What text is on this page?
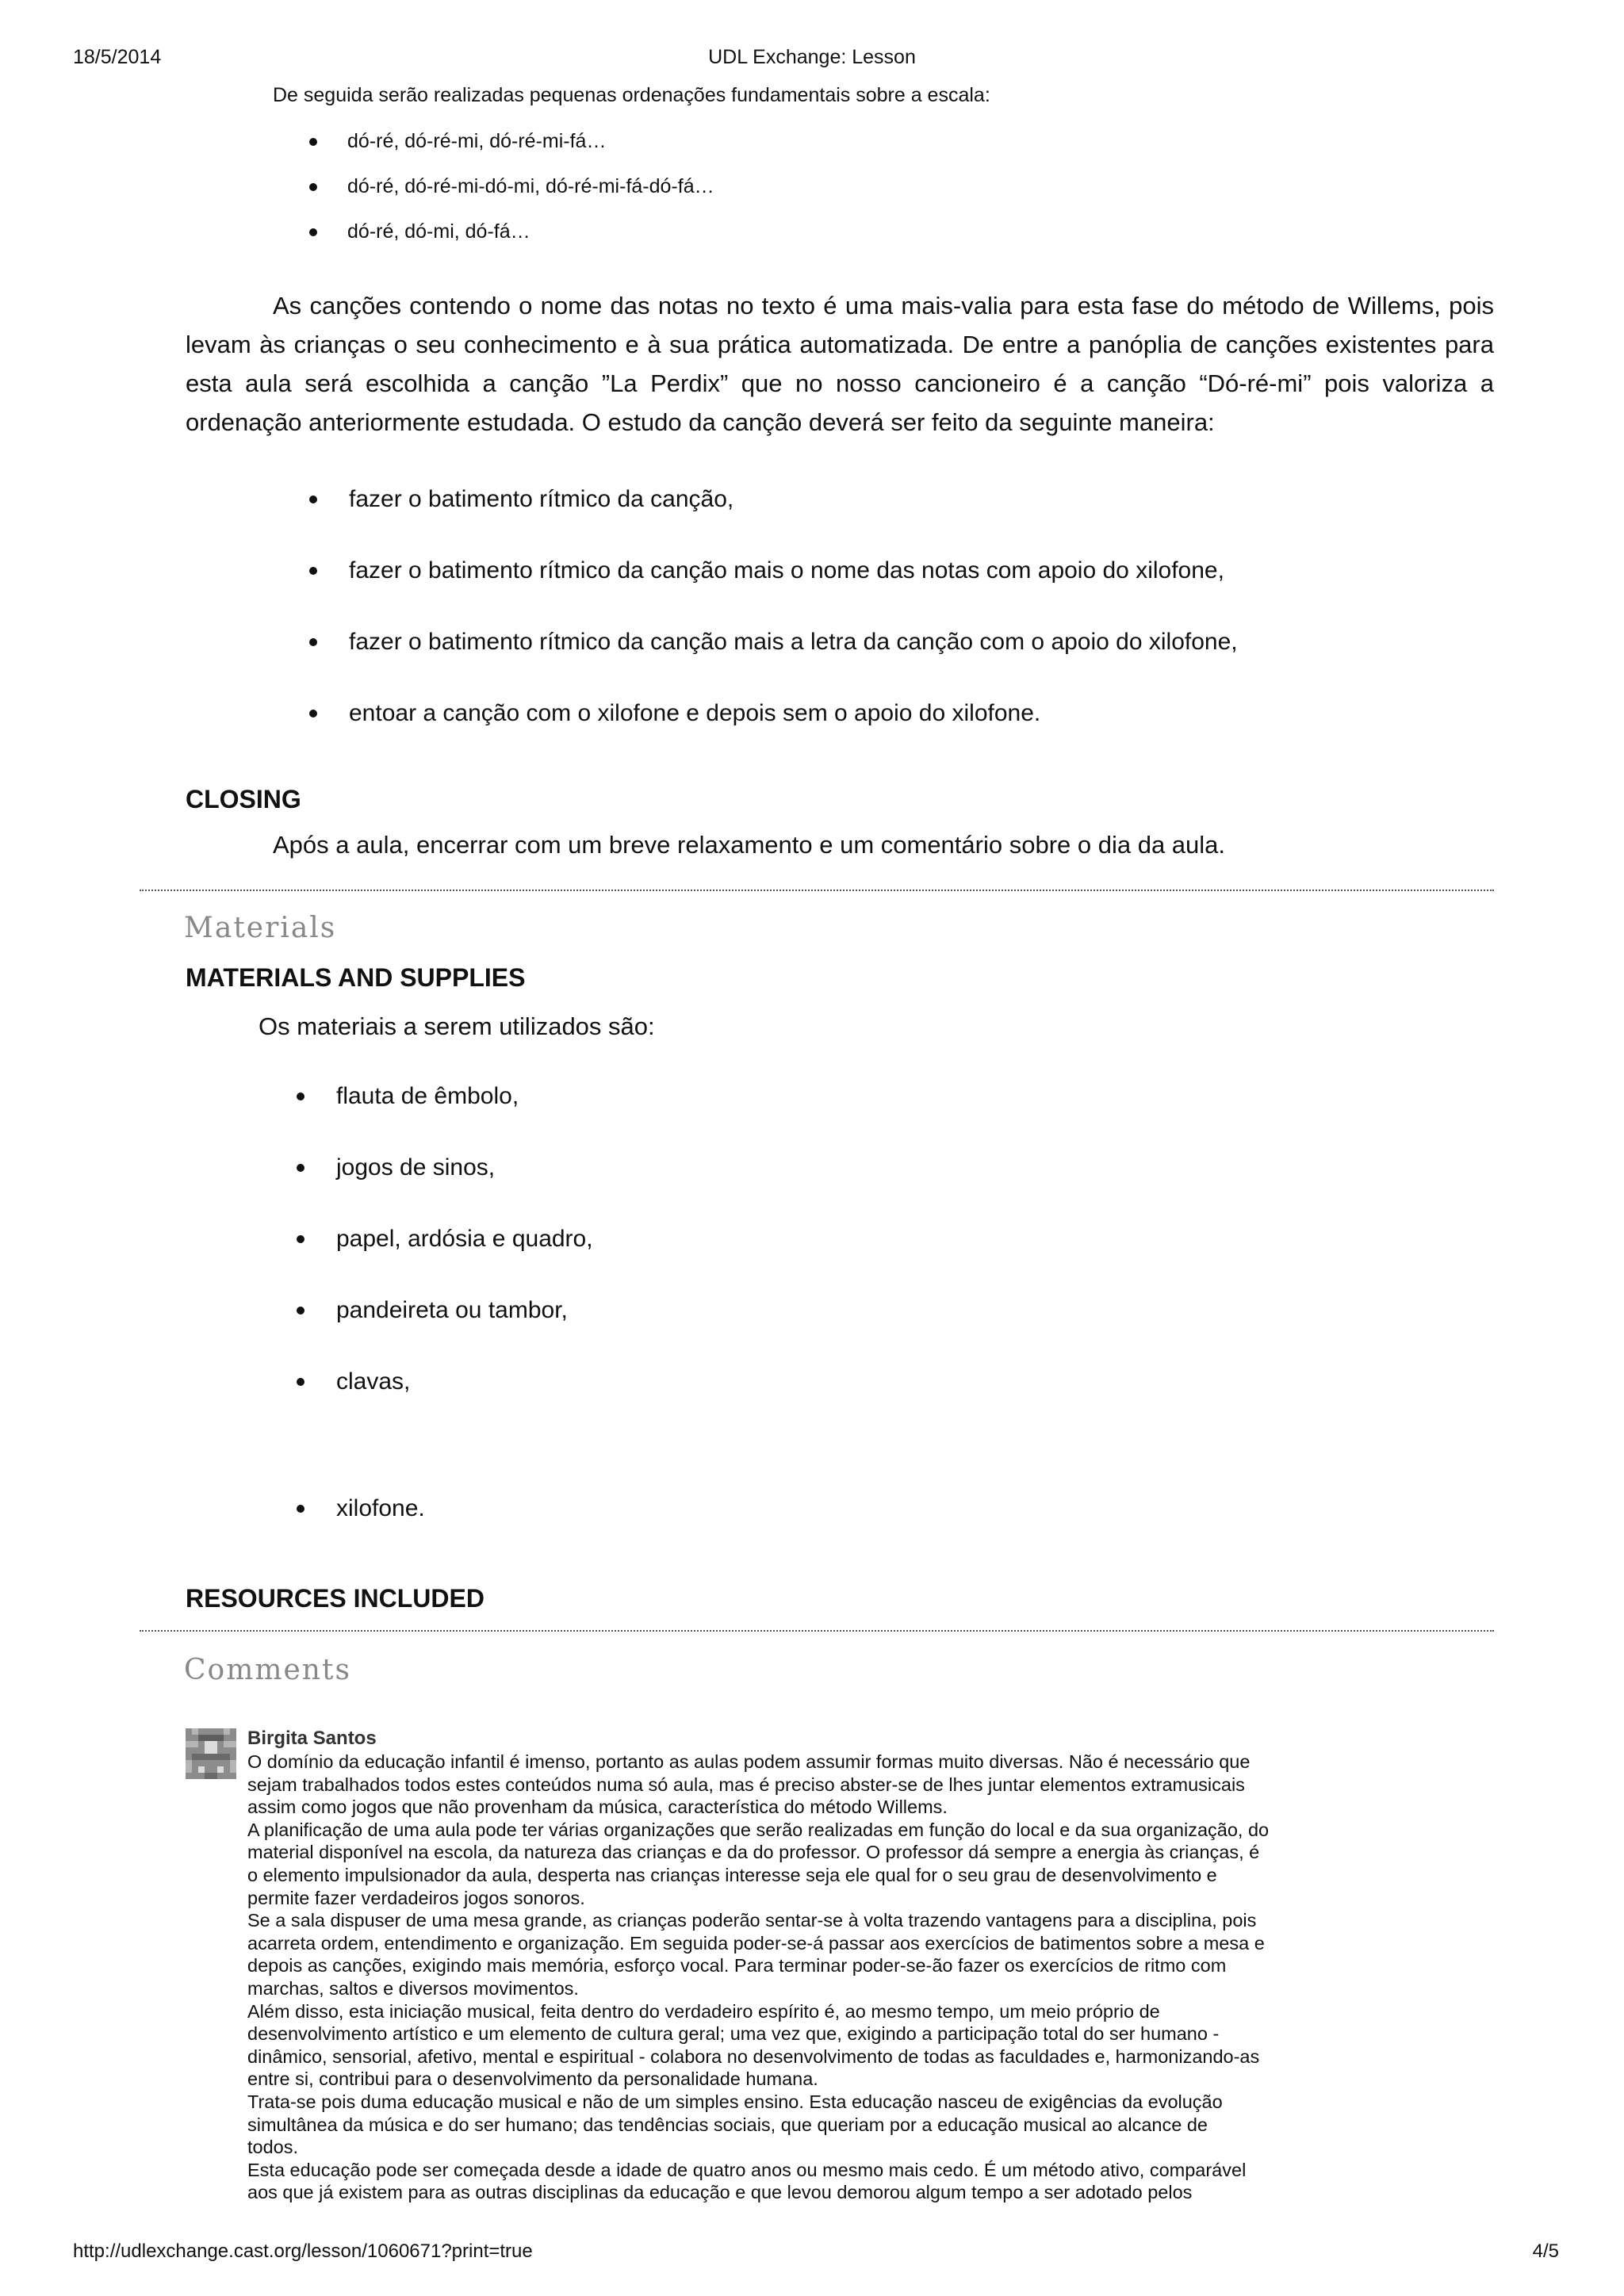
18/5/2014	UDL Exchange: Lesson
De seguida serão realizadas pequenas ordenações fundamentais sobre a escala:
dó-ré, dó-ré-mi, dó-ré-mi-fá…
dó-ré, dó-ré-mi-dó-mi, dó-ré-mi-fá-dó-fá…
dó-ré, dó-mi, dó-fá…
As canções contendo o nome das notas no texto é uma mais-valia para esta fase do método de Willems, pois levam às crianças o seu conhecimento e à sua prática automatizada. De entre a panóplia de canções existentes para esta aula será escolhida a canção ”La Perdix” que no nosso cancioneiro é a canção “Dó-ré-mi” pois valoriza a ordenação anteriormente estudada. O estudo da canção deverá ser feito da seguinte maneira:
fazer o batimento rítmico da canção,
fazer o batimento rítmico da canção mais o nome das notas com apoio do xilofone,
fazer o batimento rítmico da canção mais a letra da canção com o apoio do xilofone,
entoar a canção com o xilofone e depois sem o apoio do xilofone.
CLOSING
Após a aula, encerrar com um breve relaxamento e um comentário sobre o dia da aula.
Materials
MATERIALS AND SUPPLIES
Os materiais a serem utilizados são:
flauta de êmbolo,
jogos de sinos,
papel, ardósia e quadro,
pandeireta ou tambor,
clavas,
xilofone.
RESOURCES INCLUDED
Comments
Birgita Santos

O domínio da educação infantil é imenso, portanto as aulas podem assumir formas muito diversas. Não é necessário que

sejam trabalhados todos estes conteúdos numa só aula, mas é preciso abster-se de lhes juntar elementos extramusicais

assim como jogos que não provenham da música, característica do método Willems.

A planificação de uma aula pode ter várias organizações que serão realizadas em função do local e da sua organização, do

material disponível na escola, da natureza das crianças e da do professor. O professor dá sempre a energia às crianças, é

o elemento impulsionador da aula, desperta nas crianças interesse seja ele qual for o seu grau de desenvolvimento e

permite fazer verdadeiros jogos sonoros.

Se a sala dispuser de uma mesa grande, as crianças poderão sentar-se à volta trazendo vantagens para a disciplina, pois

acarreta ordem, entendimento e organização. Em seguida poder-se-á passar aos exercícios de batimentos sobre a mesa e

depois as canções, exigindo mais memória, esforço vocal. Para terminar poder-se-ão fazer os exercícios de ritmo com

marchas, saltos e diversos movimentos.

Além disso, esta iniciação musical, feita dentro do verdadeiro espírito é, ao mesmo tempo, um meio próprio de

desenvolvimento artístico e um elemento de cultura geral; uma vez que, exigindo a participação total do ser humano -

dinâmico, sensorial, afetivo, mental e espiritual - colabora no desenvolvimento de todas as faculdades e, harmonizando-as

entre si, contribui para o desenvolvimento da personalidade humana.

Trata-se pois duma educação musical e não de um simples ensino. Esta educação nasceu de exigências da evolução

simultânea da música e do ser humano; das tendências sociais, que queriam por a educação musical ao alcance de

todos.

Esta educação pode ser começada desde a idade de quatro anos ou mesmo mais cedo. É um método ativo, comparável

aos que já existem para as outras disciplinas da educação e que levou demorou algum tempo a ser adotado pelos

http://udlexchange.cast.org/lesson/1060671?print=true	4/5
